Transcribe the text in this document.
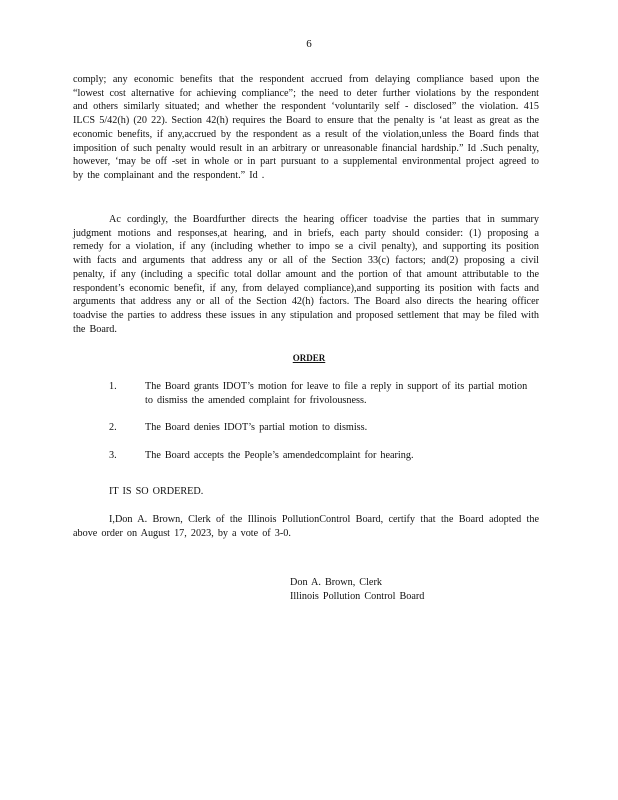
6
comply; any economic benefits that the respondent accrued from delaying compliance based upon the “lowest cost alternative for achieving compliance”; the need to deter further violations by the respondent and others similarly situated; and whether the respondent ‘voluntarily self - disclosed” the violation. 415 ILCS 5/42(h) (20 22). Section 42(h) requires the Board to ensure that the penalty is ‘at least as great as the economic benefits, if any,accrued by the respondent as a result of the violation,unless the Board finds that imposition of such penalty would result in an arbitrary or unreasonable financial hardship.” Id .Such penalty, however, ‘may be off -set in whole or in part pursuant to a supplemental environmental project agreed to by the complainant and the respondent.” Id .
Ac cordingly, the Boardfurther directs the hearing officer toadvise the parties that in summary judgment motions and responses,at hearing, and in briefs, each party should consider: (1) proposing a remedy for a violation, if any (including whether to impo se a civil penalty), and supporting its position with facts and arguments that address any or all of the Section 33(c) factors; and(2) proposing a civil penalty, if any (including a specific total dollar amount and the portion of that amount attributable to the respondent’s economic benefit, if any, from delayed compliance),and supporting its position with facts and arguments that address any or all of the Section 42(h) factors. The Board also directs the hearing officer toadvise the parties to address these issues in any stipulation and proposed settlement that may be filed with the Board.
ORDER
1.	The Board grants IDOT’s motion for leave to file a reply in support of its partial motion to dismiss the amended complaint for frivolousness.
2.	The Board denies IDOT’s partial motion to dismiss.
3.	The Board accepts the People’s amendedcomplaint for hearing.
IT IS SO ORDERED.
I,Don A. Brown, Clerk of the Illinois PollutionControl Board, certify that the Board adopted the above order on August 17, 2023, by a vote of 3-0.
Don A. Brown, Clerk
Illinois Pollution Control Board
